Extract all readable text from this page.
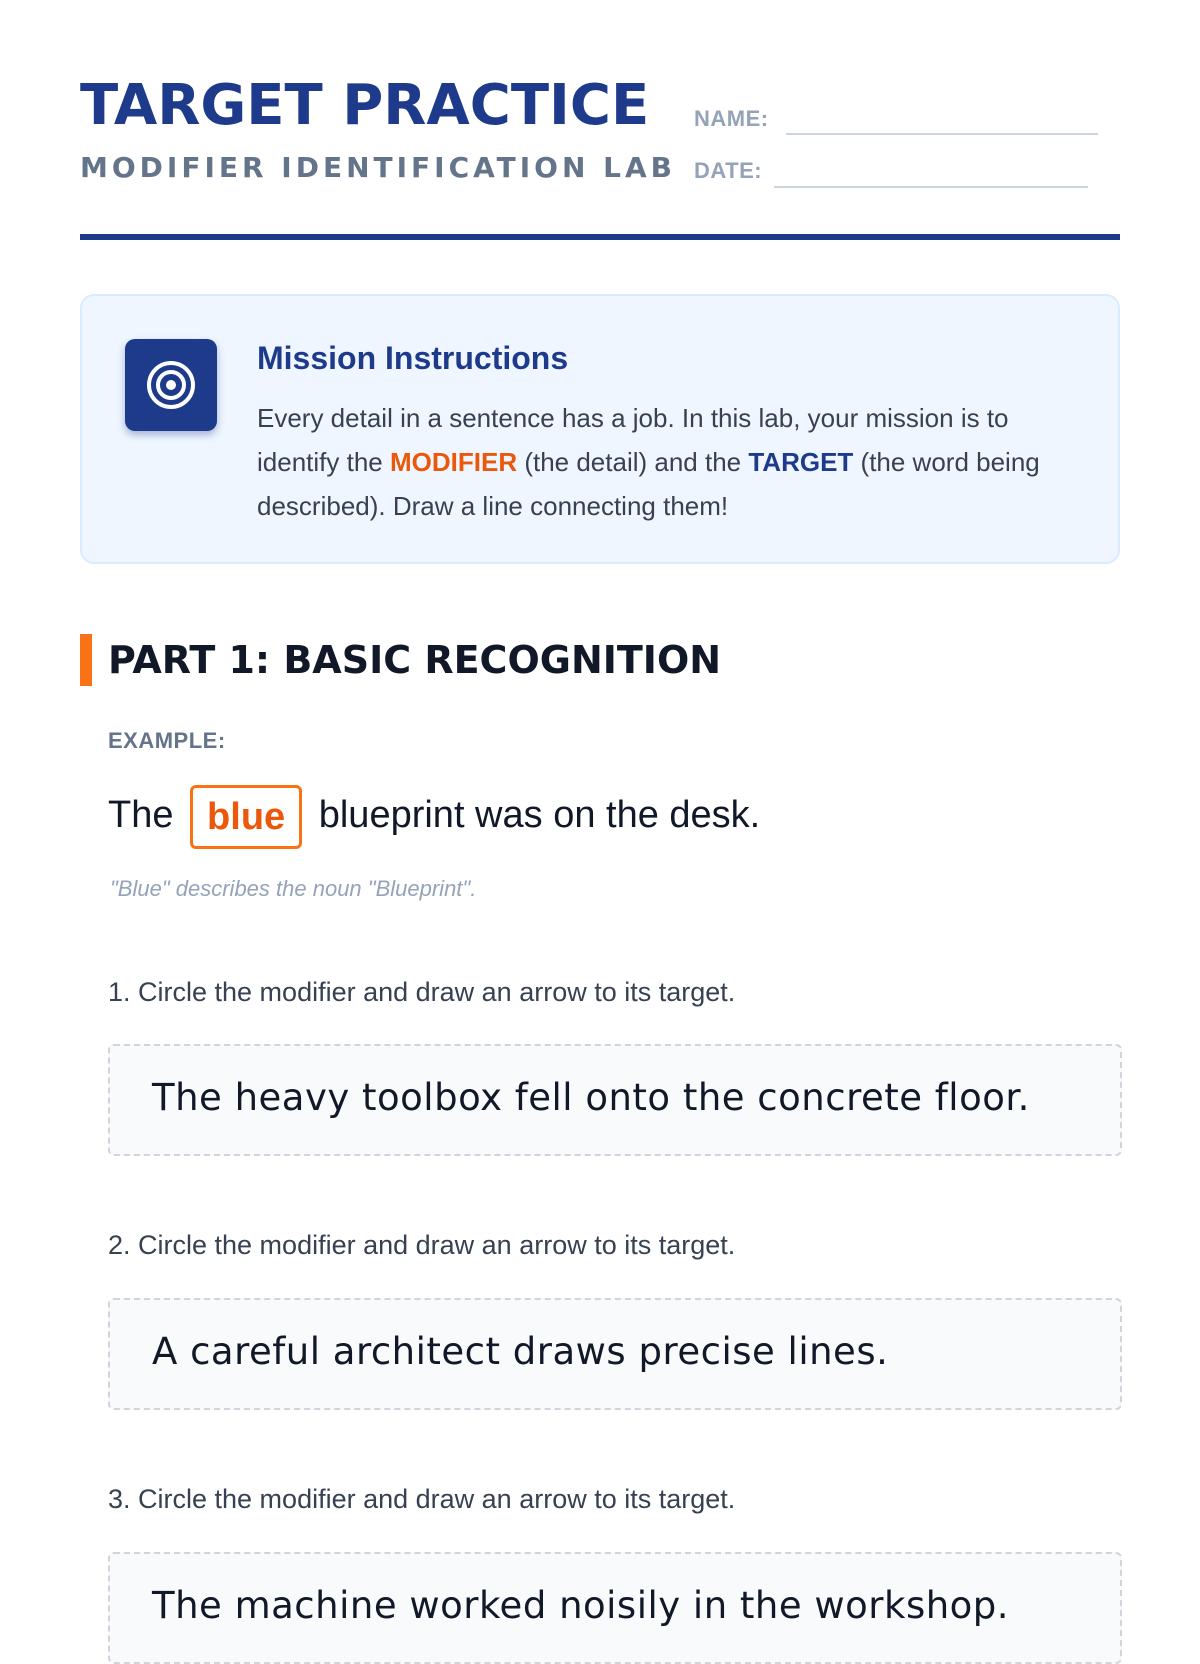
TARGET PRACTICE
MODIFIER IDENTIFICATION LAB
NAME:
DATE:
Mission Instructions
Every detail in a sentence has a job. In this lab, your mission is to identify the MODIFIER (the detail) and the TARGET (the word being described). Draw a line connecting them!
PART 1: BASIC RECOGNITION
EXAMPLE:
The blue blueprint was on the desk.
"Blue" describes the noun "Blueprint".
1. Circle the modifier and draw an arrow to its target.
The heavy toolbox fell onto the concrete floor.
2. Circle the modifier and draw an arrow to its target.
A careful architect draws precise lines.
3. Circle the modifier and draw an arrow to its target.
The machine worked noisily in the workshop.
